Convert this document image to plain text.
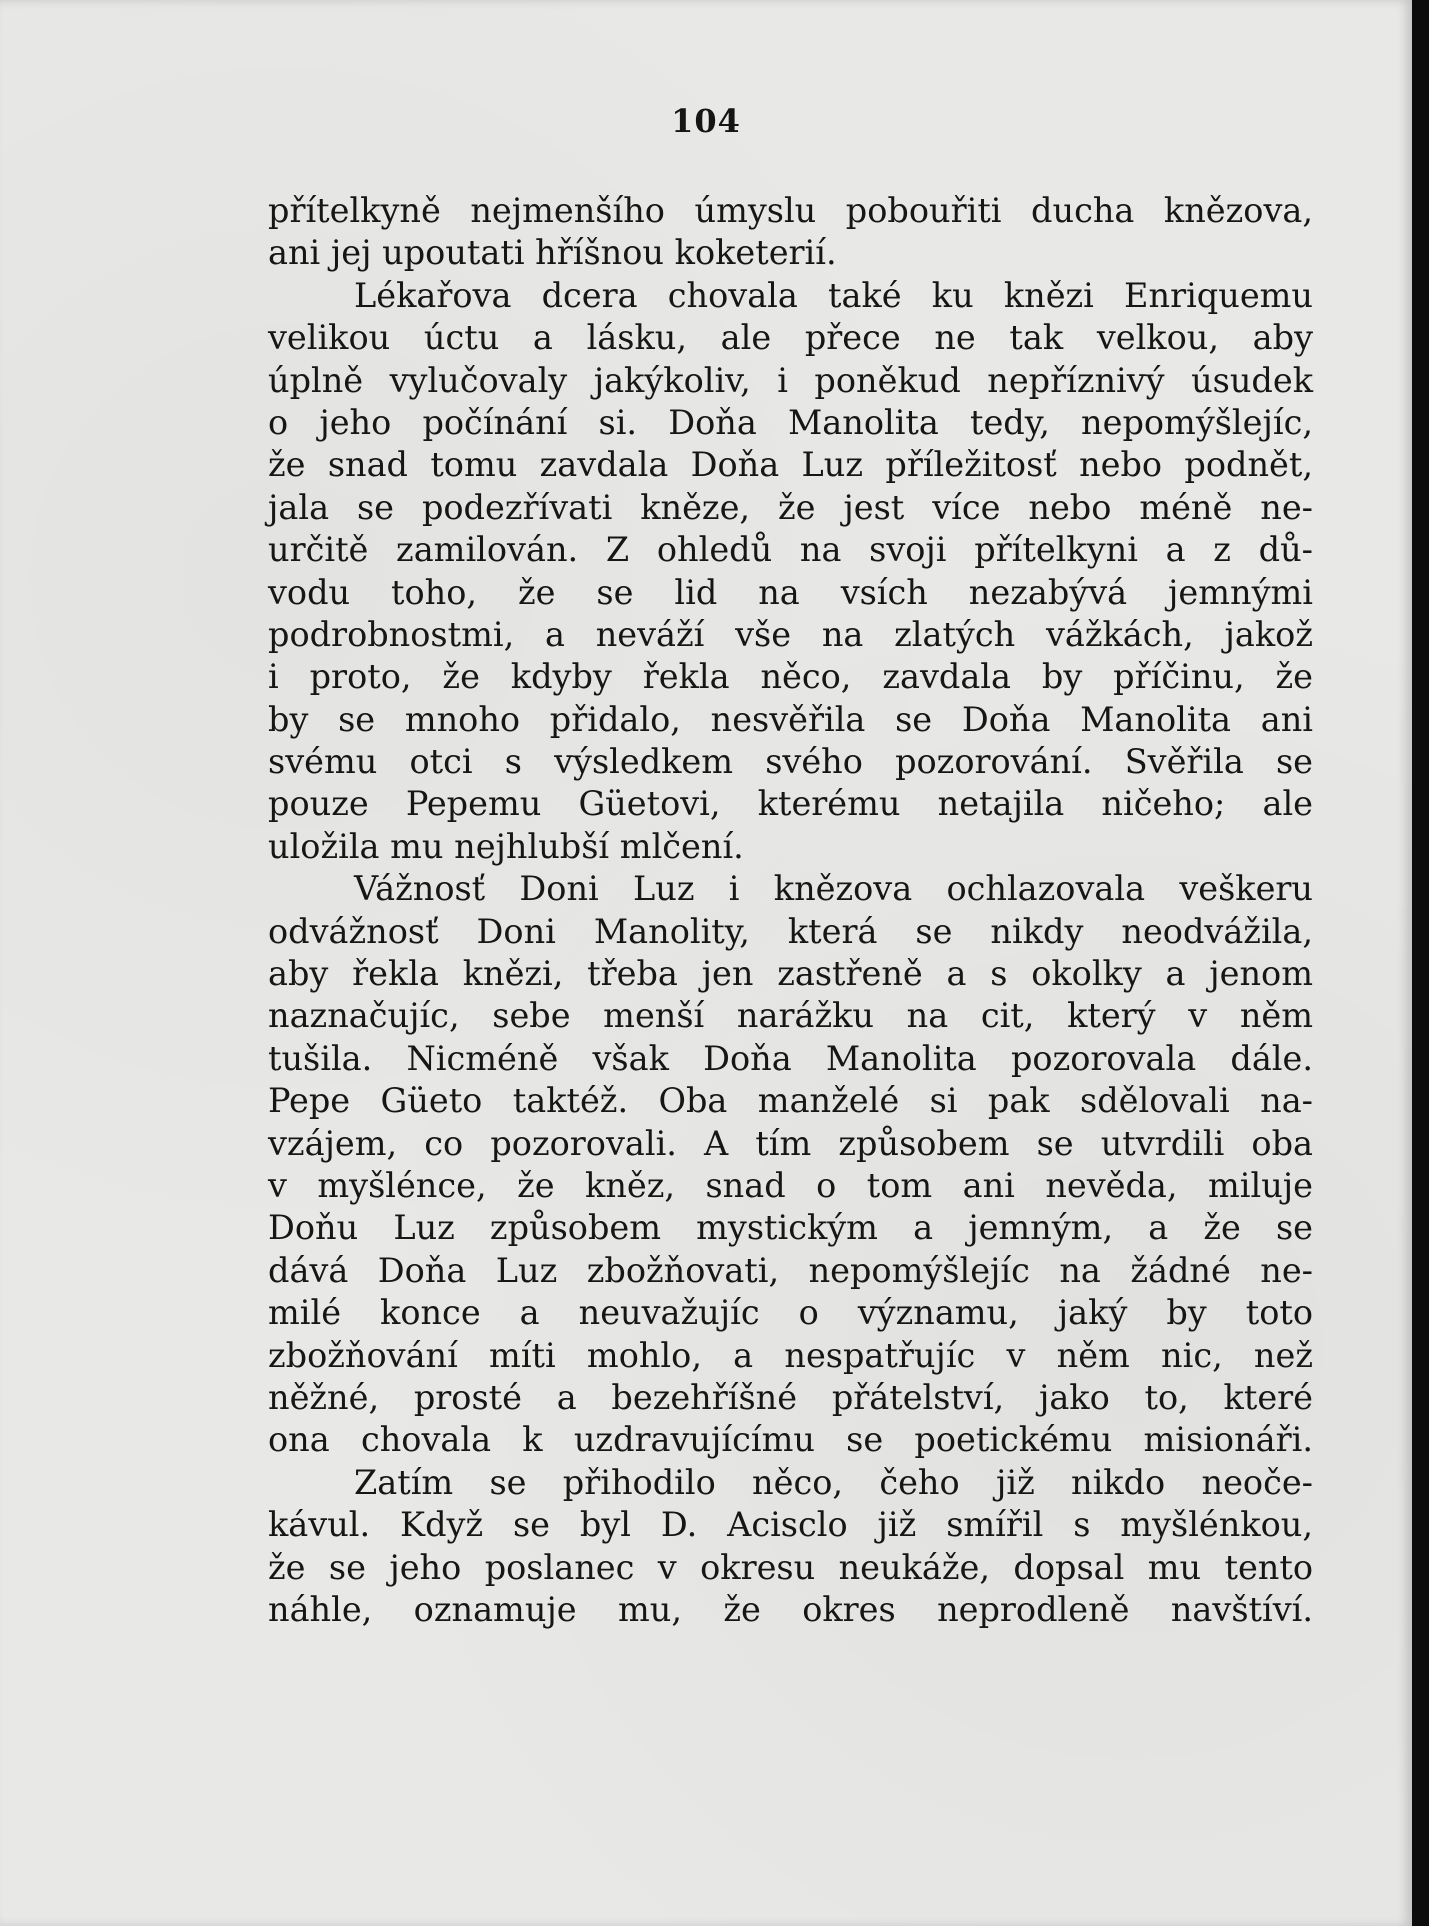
104
přítelkyně nejmenšího úmyslu pobouřiti ducha knězova,
ani jej upoutati hříšnou koketerií.
Lékařova dcera chovala také ku knězi Enriquemu
velikou úctu a lásku, ale přece ne tak velkou, aby
úplně vylučovaly jakýkoliv, i poněkud nepříznivý úsudek
o jeho počínání si. Doňa Manolita tedy, nepomýšlejíc,
že snad tomu zavdala Doňa Luz příležitosť nebo podnět,
jala se podezřívati kněze, že jest více nebo méně ne-
určitě zamilován. Z ohledů na svoji přítelkyni a z dů-
vodu toho, že se lid na vsích nezabývá jemnými
podrobnostmi, a neváží vše na zlatých vážkách, jakož
i proto, že kdyby řekla něco, zavdala by příčinu, že
by se mnoho přidalo, nesvěřila se Doňa Manolita ani
svému otci s výsledkem svého pozorování. Svěřila se
pouze Pepemu Güetovi, kterému netajila ničeho; ale
uložila mu nejhlubší mlčení.
Vážnosť Doni Luz i knězova ochlazovala veškeru
odvážnosť Doni Manolity, která se nikdy neodvážila,
aby řekla knězi, třeba jen zastřeně a s okolky a jenom
naznačujíc, sebe menší narážku na cit, který v něm
tušila. Nicméně však Doňa Manolita pozorovala dále.
Pepe Güeto taktéž. Oba manželé si pak sdělovali na-
vzájem, co pozorovali. A tím způsobem se utvrdili oba
v myšlénce, že kněz, snad o tom ani nevěda, miluje
Doňu Luz způsobem mystickým a jemným, a že se
dává Doňa Luz zbožňovati, nepomýšlejíc na žádné ne-
milé konce a neuvažujíc o významu, jaký by toto
zbožňování míti mohlo, a nespatřujíc v něm nic, než
něžné, prosté a bezehříšné přátelství, jako to, které
ona chovala k uzdravujícímu se poetickému misionáři.
Zatím se přihodilo něco, čeho již nikdo neoče-
kávul. Když se byl D. Acisclo již smířil s myšlénkou,
že se jeho poslanec v okresu neukáže, dopsal mu tento
náhle, oznamuje mu, že okres neprodleně navštíví.
